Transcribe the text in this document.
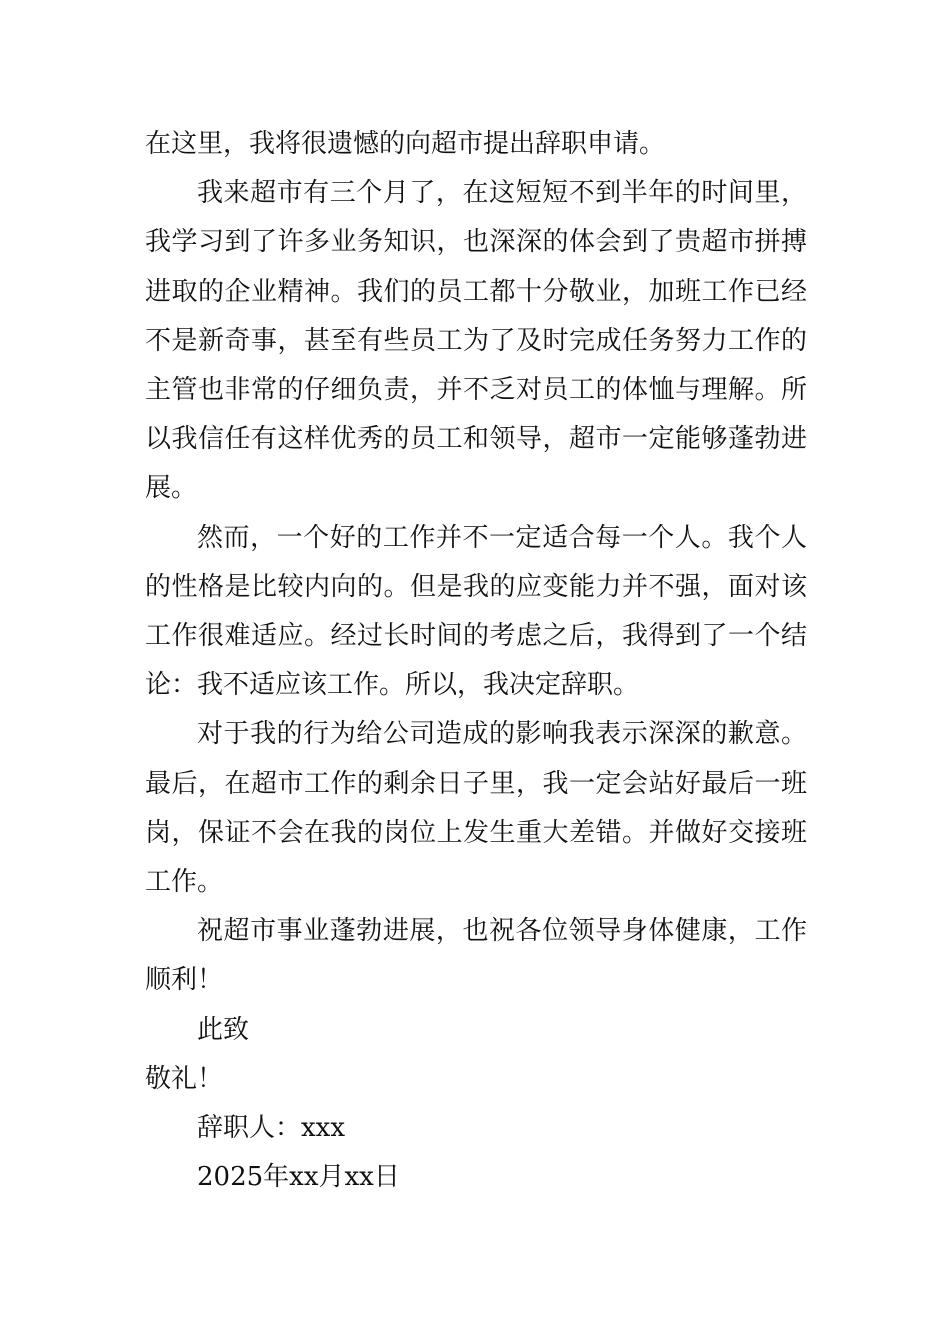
在这里，我将很遗憾的向超市提出辞职申请。

我来超市有三个月了，在这短短不到半年的时间里，我学习到了许多业务知识，也深深的体会到了贵超市拼搏进取的企业精神。我们的员工都十分敬业，加班工作已经不是新奇事，甚至有些员工为了及时完成任务努力工作的主管也非常的仔细负责，并不乏对员工的体恤与理解。所以我信任有这样优秀的员工和领导，超市一定能够蓬勃进展。

然而，一个好的工作并不一定适合每一个人。我个人的性格是比较内向的。但是我的应变能力并不强，面对该工作很难适应。经过长时间的考虑之后，我得到了一个结论：我不适应该工作。所以，我决定辞职。

对于我的行为给公司造成的影响我表示深深的歉意。最后，在超市工作的剩余日子里，我一定会站好最后一班岗，保证不会在我的岗位上发生重大差错。并做好交接班工作。

祝超市事业蓬勃进展，也祝各位领导身体健康，工作顺利！

此致

敬礼！

辞职人：xxx

2025年xx月xx日
